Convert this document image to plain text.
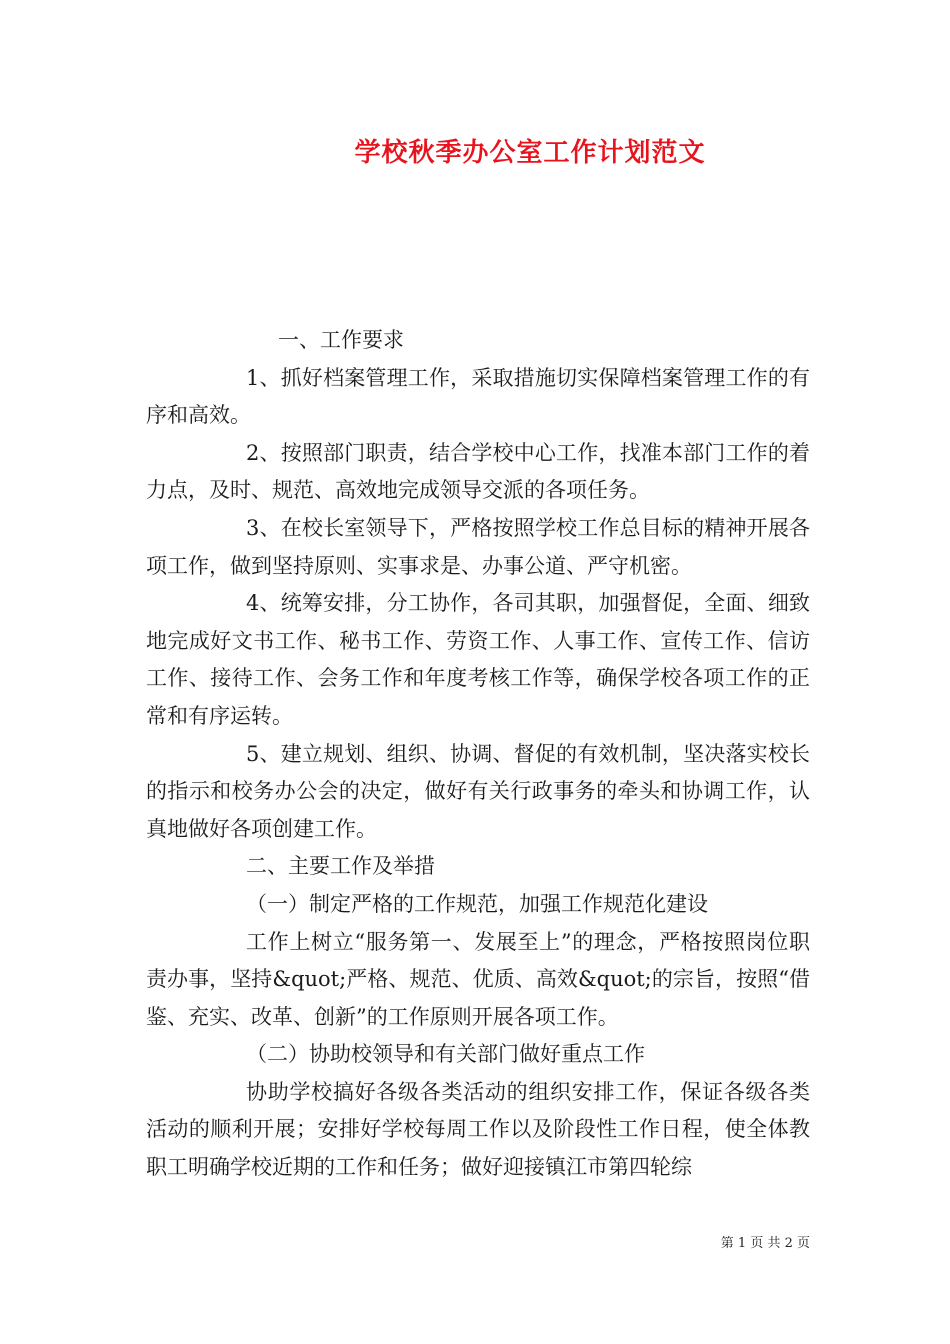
学校秋季办公室工作计划范文

一、工作要求

1、抓好档案管理工作，采取措施切实保障档案管理工作的有序和高效。

2、按照部门职责，结合学校中心工作，找准本部门工作的着力点，及时、规范、高效地完成领导交派的各项任务。

3、在校长室领导下，严格按照学校工作总目标的精神开展各项工作，做到坚持原则、实事求是、办事公道、严守机密。

4、统筹安排，分工协作，各司其职，加强督促，全面、细致地完成好文书工作、秘书工作、劳资工作、人事工作、宣传工作、信访工作、接待工作、会务工作和年度考核工作等，确保学校各项工作的正常和有序运转。

5、建立规划、组织、协调、督促的有效机制，坚决落实校长的指示和校务办公会的决定，做好有关行政事务的牵头和协调工作，认真地做好各项创建工作。

二、主要工作及举措

（一）制定严格的工作规范，加强工作规范化建设

工作上树立“服务第一、发展至上”的理念，严格按照岗位职责办事，坚持&quot;严格、规范、优质、高效&quot;的宗旨，按照“借鉴、充实、改革、创新”的工作原则开展各项工作。

（二）协助校领导和有关部门做好重点工作

协助学校搞好各级各类活动的组织安排工作，保证各级各类活动的顺利开展；安排好学校每周工作以及阶段性工作日程，使全体教职工明确学校近期的工作和任务；做好迎接镇江市第四轮综

第 1 页 共 2 页
